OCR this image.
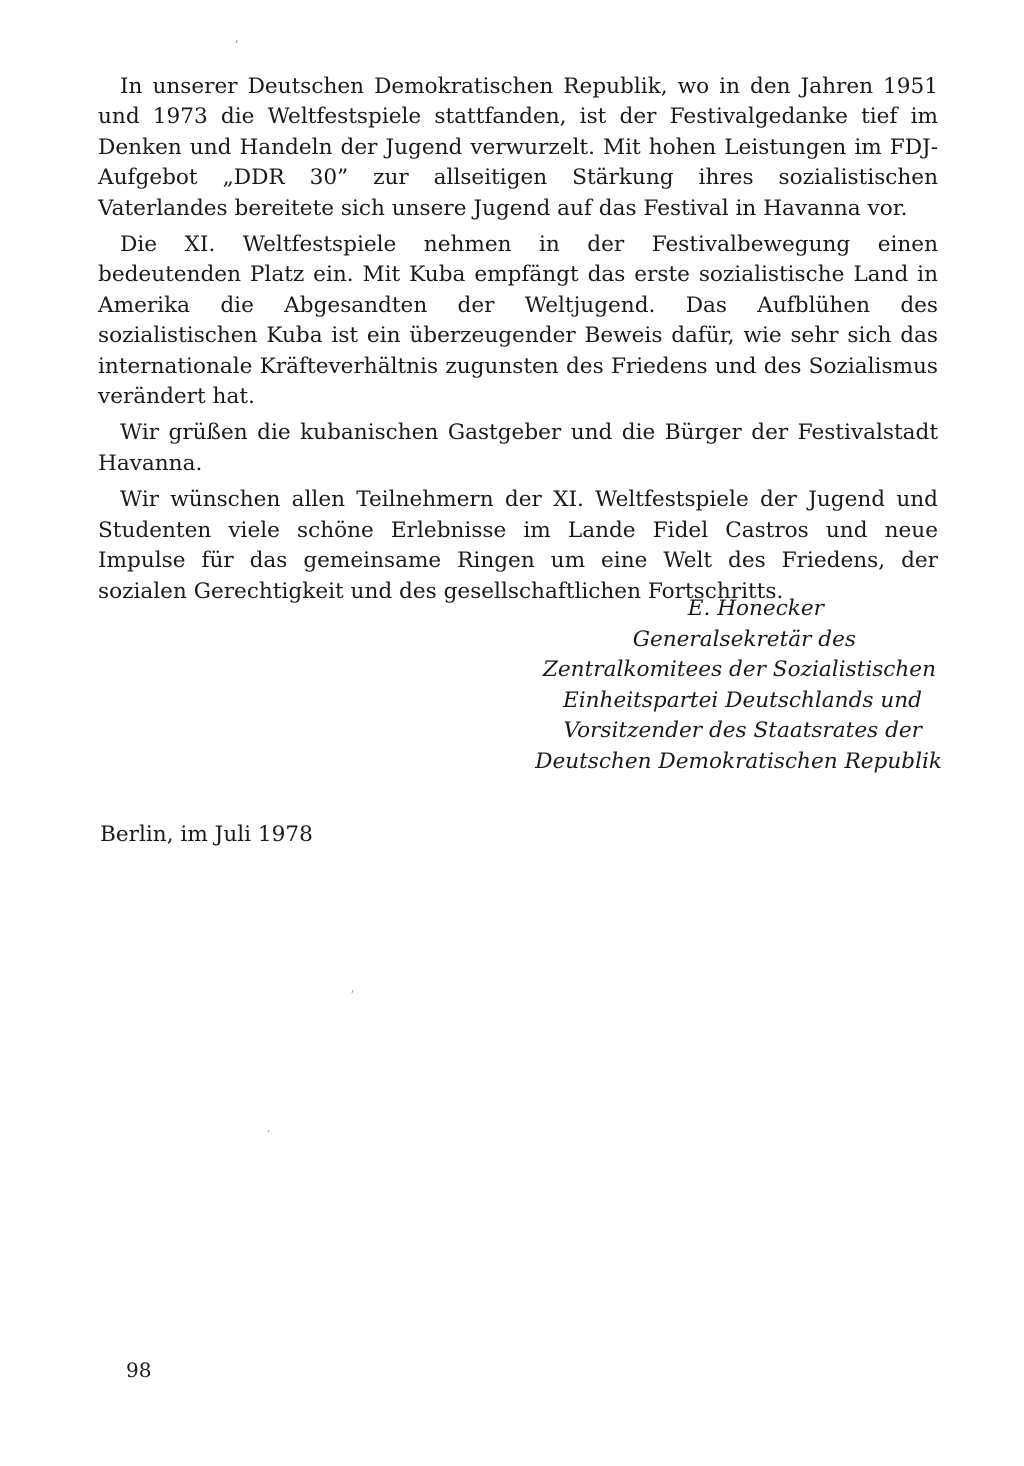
In unserer Deutschen Demokratischen Republik, wo in den Jahren 1951 und 1973 die Weltfestspiele stattfanden, ist der Festivalgedanke tief im Denken und Handeln der Jugend verwurzelt. Mit hohen Leistungen im FDJ-Aufgebot „DDR 30” zur allseitigen Stärkung ihres sozialistischen Vaterlandes bereitete sich unsere Jugend auf das Festival in Havanna vor.

Die XI. Weltfestspiele nehmen in der Festivalbewegung einen bedeutenden Platz ein. Mit Kuba empfängt das erste sozialistische Land in Amerika die Abgesandten der Weltjugend. Das Aufblühen des sozialistischen Kuba ist ein überzeugender Beweis dafür, wie sehr sich das internationale Kräfteverhältnis zugunsten des Friedens und des Sozialismus verändert hat.

Wir grüßen die kubanischen Gastgeber und die Bürger der Festivalstadt Havanna.

Wir wünschen allen Teilnehmern der XI. Weltfestspiele der Jugend und Studenten viele schöne Erlebnisse im Lande Fidel Castros und neue Impulse für das gemeinsame Ringen um eine Welt des Friedens, der sozialen Gerechtigkeit und des gesellschaftlichen Fortschritts.

E. Honecker
Generalsekretär des
Zentralkomitees der Sozialistischen
Einheitspartei Deutschlands und
Vorsitzender des Staatsrates der
Deutschen Demokratischen Republik
Berlin, im Juli 1978
98
